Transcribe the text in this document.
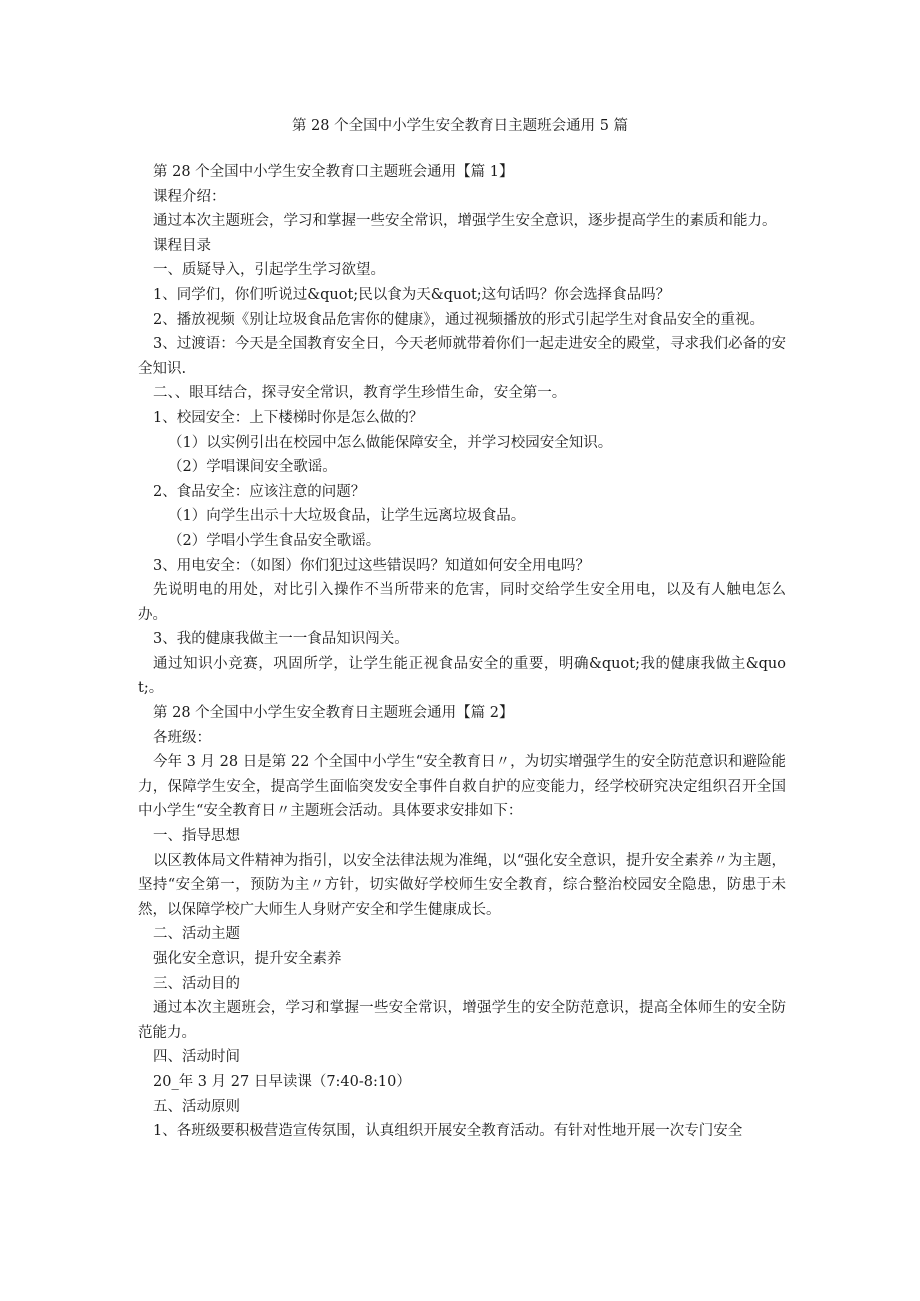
第 28 个全国中小学生安全教育日主题班会通用 5 篇

第 28 个全国中小学生安全教育口主题班会通用【篇 1】

课程介绍：

通过本次主题班会，学习和掌握一些安全常识，增强学生安全意识，逐步提高学生的素质和能力。

课程目录

一、质疑导入，引起学生学习欲望。

1、同学们，你们听说过&quot;民以食为天&quot;这句话吗？你会选择食品吗？

2、播放视频《别让垃圾食品危害你的健康》，通过视频播放的形式引起学生对食品安全的重视。

3、过渡语：今天是全国教育安全日，今天老师就带着你们一起走进安全的殿堂，寻求我们必备的安全知识.

二、、眼耳结合，探寻安全常识，教育学生珍惜生命，安全第一。

1、校园安全：上下楼梯时你是怎么做的？

（1）以实例引出在校园中怎么做能保障安全，并学习校园安全知识。

（2）学唱课间安全歌谣。

2、食品安全：应该注意的问题？

（1）向学生出示十大垃圾食品，让学生远离垃圾食品。

（2）学唱小学生食品安全歌谣。

3、用电安全：（如图）你们犯过这些错误吗？知道如何安全用电吗？

先说明电的用处，对比引入操作不当所带来的危害，同时交给学生安全用电，以及有人触电怎么办。

3、我的健康我做主一一食品知识闯关。

通过知识小竞赛，巩固所学，让学生能正视食品安全的重要，明确&quot;我的健康我做主&quot;。

第 28 个全国中小学生安全教育日主题班会通用【篇 2】

各班级：

今年 3 月 28 日是第 22 个全国中小学生“安全教育日〃，为切实增强学生的安全防范意识和避险能力，保障学生安全，提高学生面临突发安全事件自救自护的应变能力，经学校研究决定组织召开全国中小学生“安全教育日〃主题班会活动。具体要求安排如下：

一、指导思想

以区教体局文件精神为指引，以安全法律法规为准绳，以“强化安全意识，提升安全素养〃为主题，坚持“安全第一，预防为主〃方针，切实做好学校师生安全教育，综合整治校园安全隐患，防患于未然，以保障学校广大师生人身财产安全和学生健康成长。

二、活动主题

强化安全意识，提升安全素养

三、活动目的

通过本次主题班会，学习和掌握一些安全常识，增强学生的安全防范意识，提高全体师生的安全防范能力。

四、活动时间

20_年 3 月 27 日早读课（7:40-8:10）

五、活动原则

1、各班级要积极营造宣传氛围，认真组织开展安全教育活动。有针对性地开展一次专门安全
